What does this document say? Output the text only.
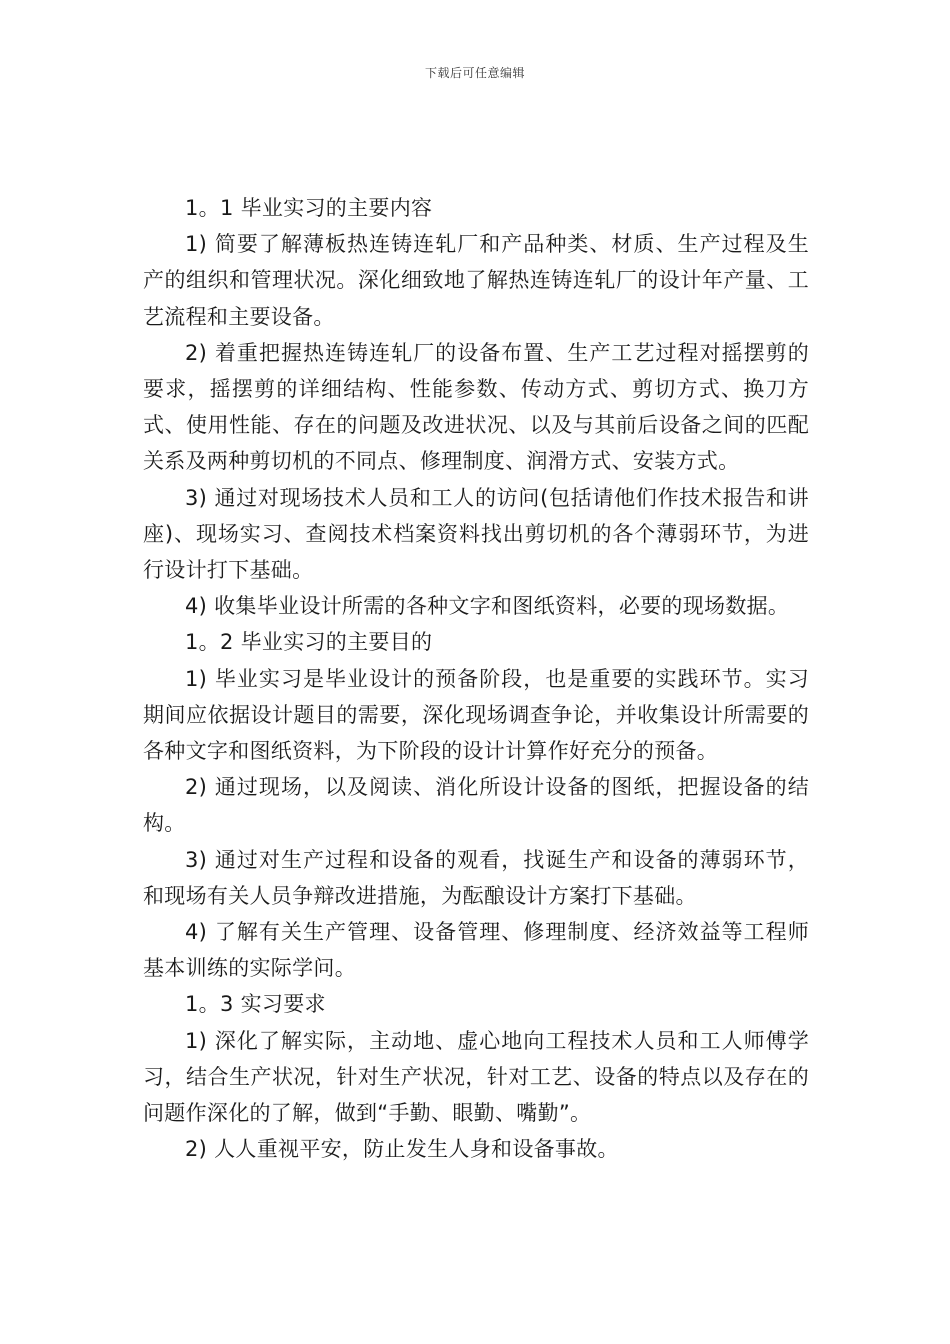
下载后可任意编辑

1。1 毕业实习的主要内容

1) 简要了解薄板热连铸连轧厂和产品种类、材质、生产过程及生产的组织和管理状况。深化细致地了解热连铸连轧厂的设计年产量、工艺流程和主要设备。

2) 着重把握热连铸连轧厂的设备布置、生产工艺过程对摇摆剪的要求，摇摆剪的详细结构、性能参数、传动方式、剪切方式、换刀方式、使用性能、存在的问题及改进状况、以及与其前后设备之间的匹配关系及两种剪切机的不同点、修理制度、润滑方式、安装方式。

3) 通过对现场技术人员和工人的访问(包括请他们作技术报告和讲座)、现场实习、查阅技术档案资料找出剪切机的各个薄弱环节，为进行设计打下基础。

4) 收集毕业设计所需的各种文字和图纸资料，必要的现场数据。

1。2 毕业实习的主要目的

1) 毕业实习是毕业设计的预备阶段，也是重要的实践环节。实习期间应依据设计题目的需要，深化现场调查争论，并收集设计所需要的各种文字和图纸资料，为下阶段的设计计算作好充分的预备。

2) 通过现场，以及阅读、消化所设计设备的图纸，把握设备的结构。

3) 通过对生产过程和设备的观看，找诞生产和设备的薄弱环节，和现场有关人员争辩改进措施，为酝酿设计方案打下基础。

4) 了解有关生产管理、设备管理、修理制度、经济效益等工程师基本训练的实际学问。

1。3 实习要求

1) 深化了解实际，主动地、虚心地向工程技术人员和工人师傅学习，结合生产状况，针对生产状况，针对工艺、设备的特点以及存在的问题作深化的了解，做到“手勤、眼勤、嘴勤”。

2) 人人重视平安，防止发生人身和设备事故。
